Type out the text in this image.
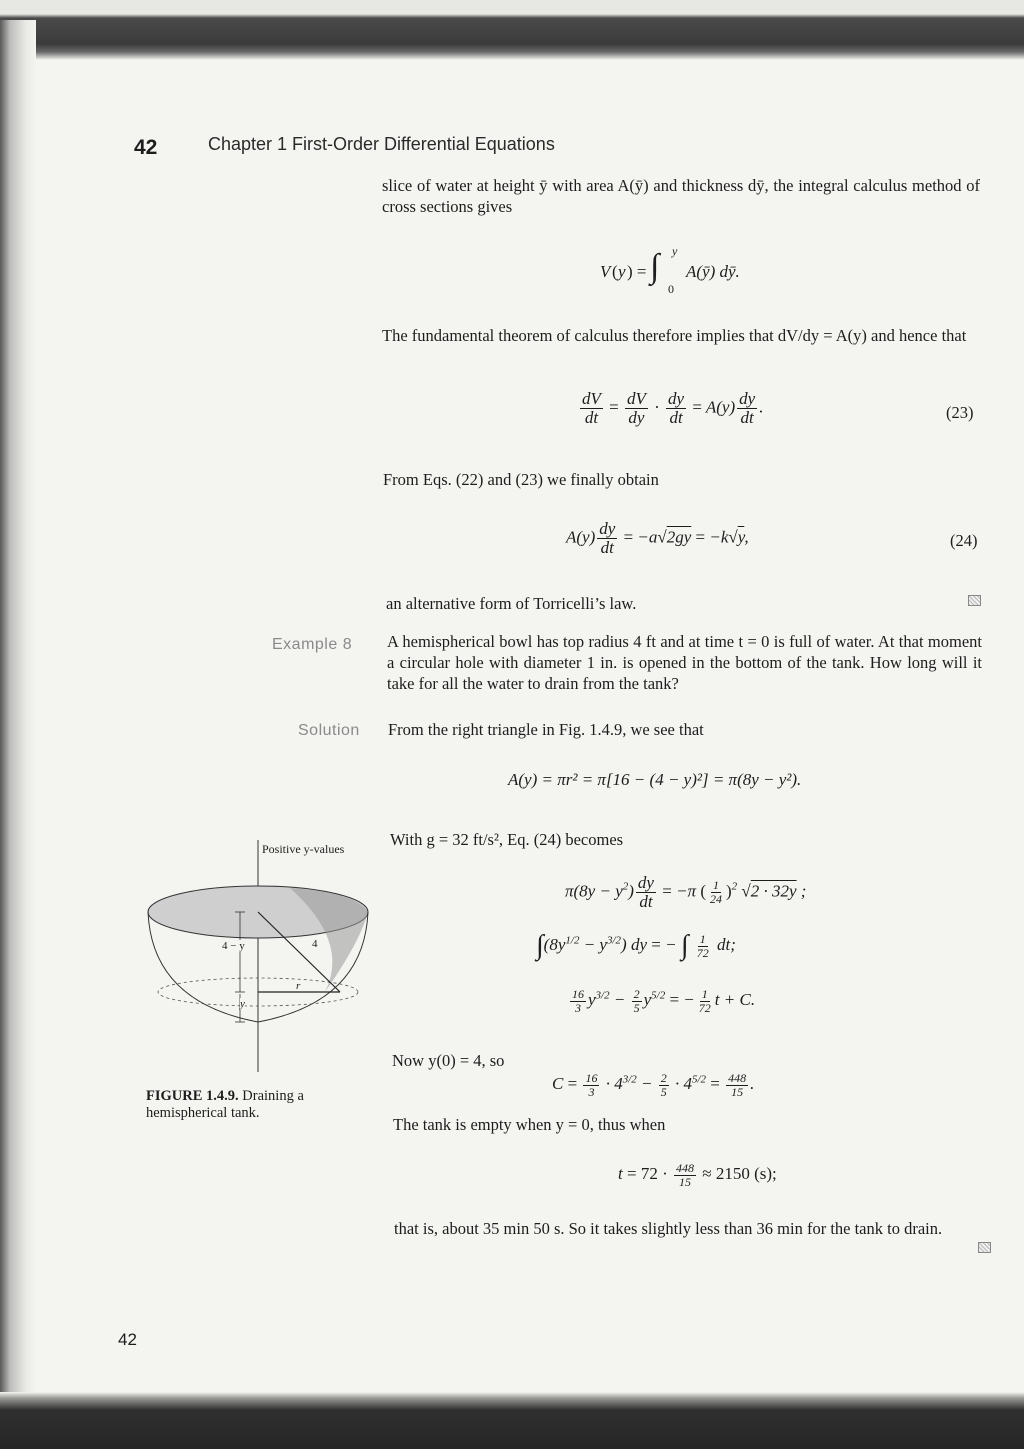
42	Chapter 1 First-Order Differential Equations
slice of water at height ȳ with area A(ȳ) and thickness dȳ, the integral calculus method of cross sections gives
V ( y ) = ∫ y
0
A(ȳ) dȳ.
The fundamental theorem of calculus therefore implies that dV/dy = A(y) and hence that
$\frac{dV}{dt} = \frac{dV}{dy} \cdot \frac{dy}{dt} = A(y) \frac{dy}{dt}$ .	(23)
From Eqs. (22) and (23) we finally obtain
$A(y) \frac{dy}{dt} = -a√2gy = -k√y$,	(24)
an alternative form of Torricelli’s law.
Example 8 A hemispherical bowl has top radius 4 ft and at time t = 0 is full of water. At that moment a circular hole with diameter 1 in. is opened in the bottom of the tank. How long will it take for all the water to drain from the tank?
Solution From the right triangle in Fig. 1.4.9, we see that
A(y) = πr² = π[16 − (4 − y)²] = π(8y − y²).
With g = 32 ft/s², Eq. (24) becomes
$\pi(8y - y^2) \frac{dy}{dt} = -\pi$ ( $\frac{1}{24} )^2$ √2 · 32y ;
$\int(8y^{1/2} - y^{3/2})$ dy = − ∫ $\frac{1}{72}$ dt;
$\frac{16}{3} y^{3/2} - \frac{2}{5} y^{5/2}$ = − $\frac{1}{72}$ t + C.
Now y(0) = 4, so
$C = \frac{16}{3} \cdot 4^{3/2} - \frac{2}{5} \cdot 4^{5/2} = \frac{448}{15}$ .
The tank is empty when y = 0, thus when
$t = 72 \cdot \frac{448}{15} \approx 2150$ (s);
that is, about 35 min 50 s. So it takes slightly less than 36 min for the tank to drain.
Positive y-values
4 − y	4
r
y
FIGURE 1.4.9. Draining a hemispherical tank.
42
